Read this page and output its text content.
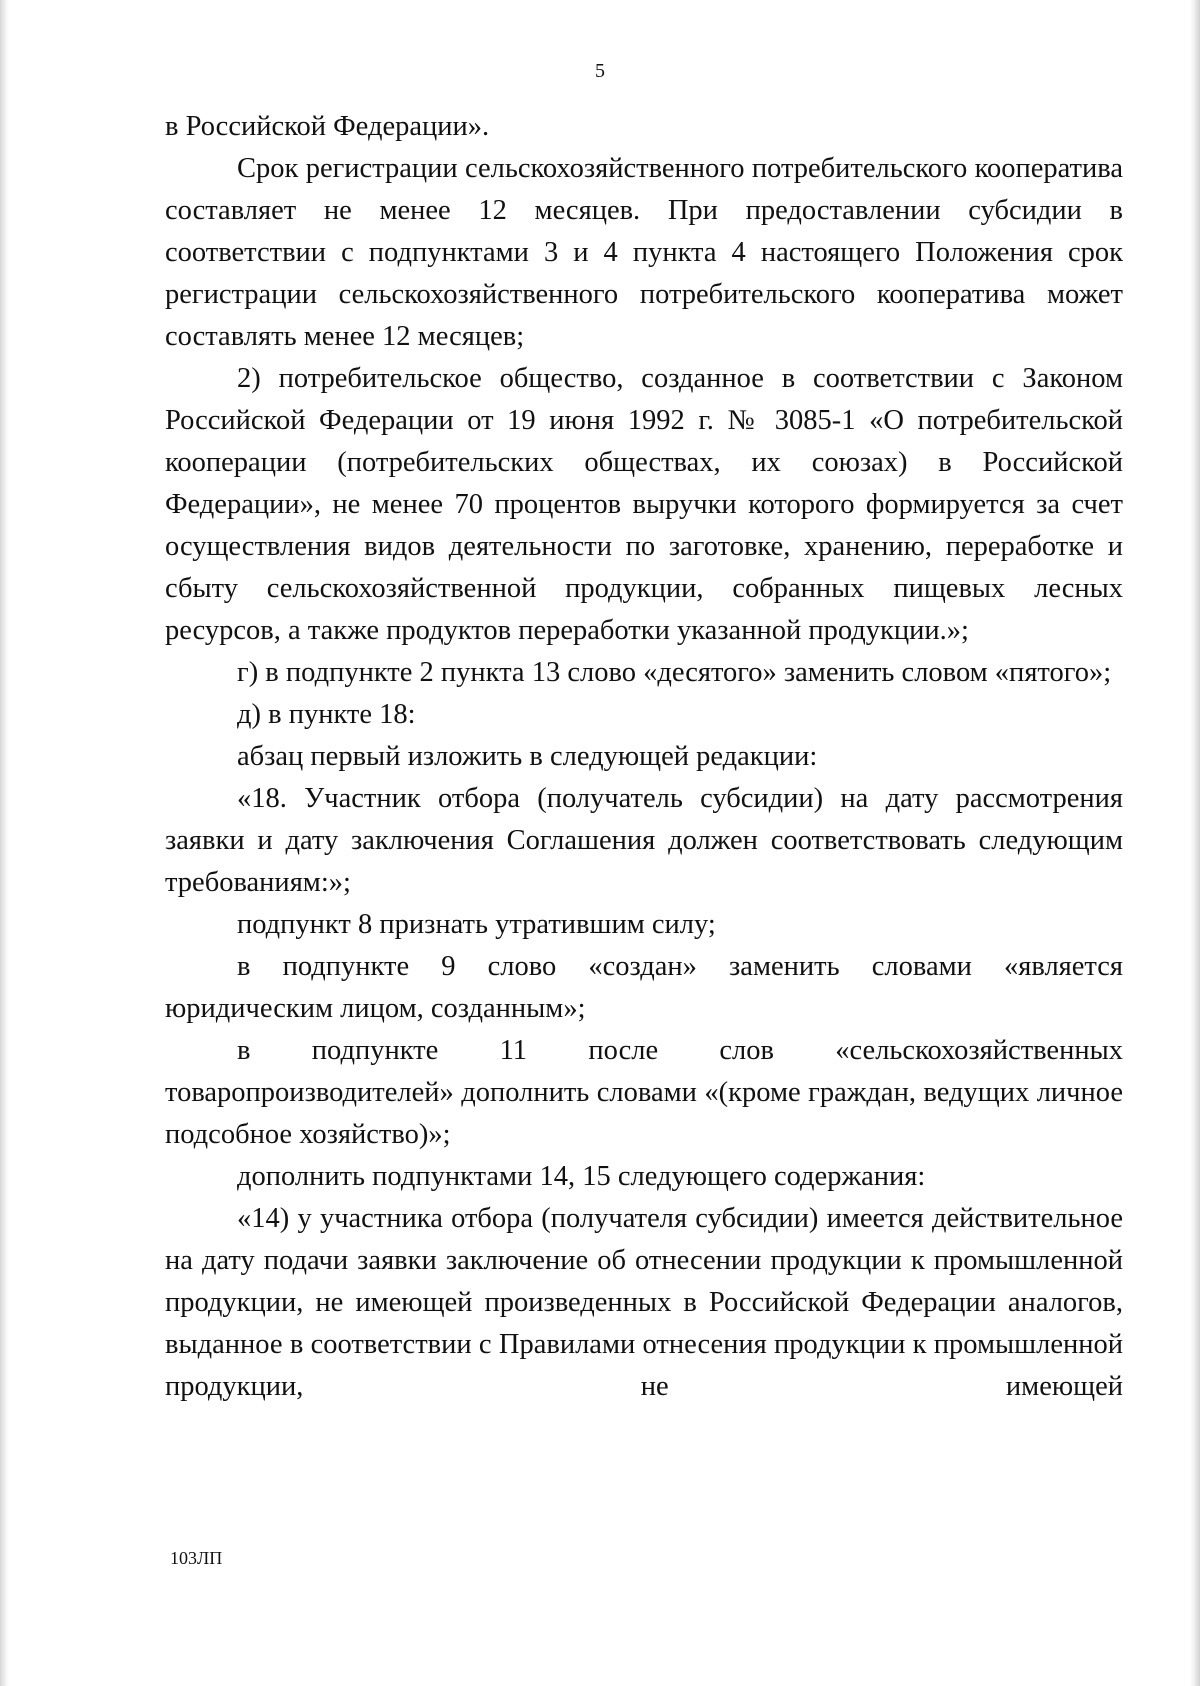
5

в Российской Федерации».

Срок регистрации сельскохозяйственного потребительского кооператива составляет не менее 12 месяцев. При предоставлении субсидии в соответствии с подпунктами 3 и 4 пункта 4 настоящего Положения срок регистрации сельскохозяйственного потребительского кооператива может составлять менее 12 месяцев;

2) потребительское общество, созданное в соответствии с Законом Российской Федерации от 19 июня 1992 г. № 3085-1 «О потребительской кооперации (потребительских обществах, их союзах) в Российской Федерации», не менее 70 процентов выручки которого формируется за счет осуществления видов деятельности по заготовке, хранению, переработке и сбыту сельскохозяйственной продукции, собранных пищевых лесных ресурсов, а также продуктов переработки указанной продукции.»;

г) в подпункте 2 пункта 13 слово «десятого» заменить словом «пятого»;

д) в пункте 18:

абзац первый изложить в следующей редакции:

«18. Участник отбора (получатель субсидии) на дату рассмотрения заявки и дату заключения Соглашения должен соответствовать следующим требованиям:»;

подпункт 8 признать утратившим силу;

в подпункте 9 слово «создан» заменить словами «является юридическим лицом, созданным»;

в подпункте 11 после слов «сельскохозяйственных товаропроизводителей» дополнить словами «(кроме граждан, ведущих личное подсобное хозяйство)»;

дополнить подпунктами 14, 15 следующего содержания:

«14) у участника отбора (получателя субсидии) имеется действительное на дату подачи заявки заключение об отнесении продукции к промышленной продукции, не имеющей произведенных в Российской Федерации аналогов, выданное в соответствии с Правилами отнесения продукции к промышленной продукции, не имеющей

103ЛП
